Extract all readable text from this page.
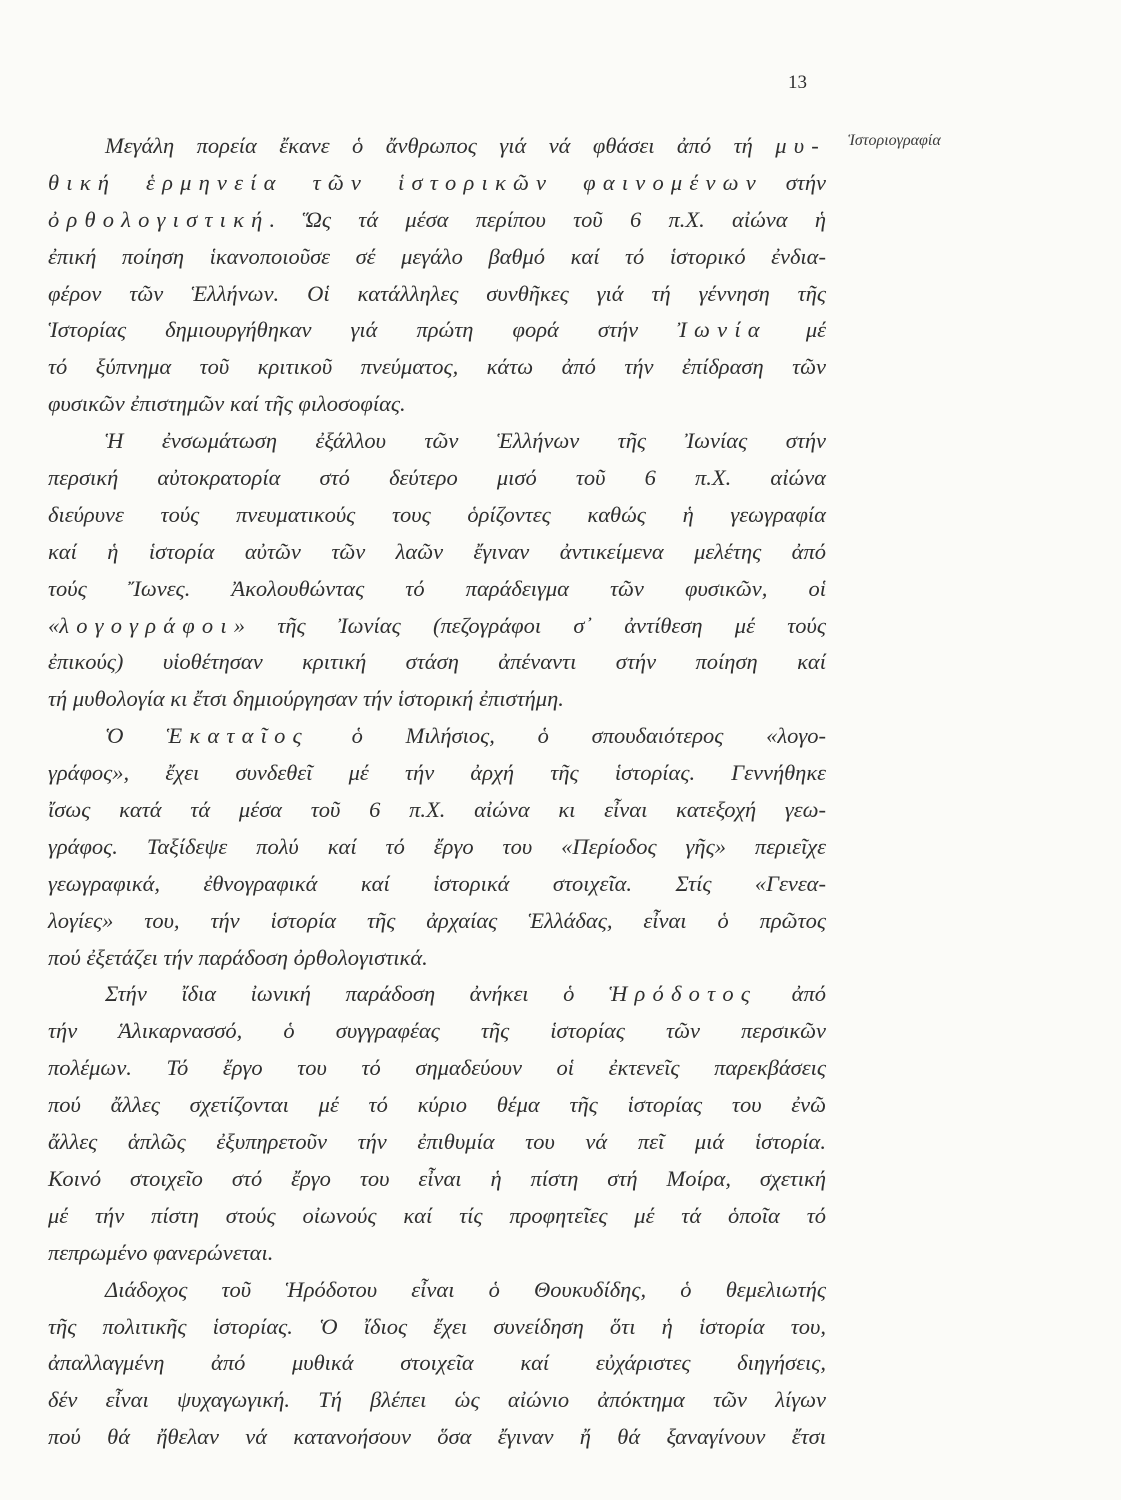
13
Ἱστοριογραφία
Μεγάλη πορεία ἔκανε ὁ ἄνθρωπος γιά νά φθάσει ἀπό τή μυ-
θική ἑρμηνεία τῶν ἱστορικῶν φαινομένων στήν
ὀρθολογιστική. Ὥς τά μέσα περίπου τοῦ 6 π.Χ. αἰώνα ἡ
ἐπική ποίηση ἱκανοποιοῦσε σέ μεγάλο βαθμό καί τό ἱστορικό ἐνδια-
φέρον τῶν Ἑλλήνων. Οἱ κατάλληλες συνθῆκες γιά τή γέννηση τῆς
Ἱστορίας δημιουργήθηκαν γιά πρώτη φορά στήν Ἰωνία μέ
τό ξύπνημα τοῦ κριτικοῦ πνεύματος, κάτω ἀπό τήν ἐπίδραση τῶν
φυσικῶν ἐπιστημῶν καί τῆς φιλοσοφίας.
Ἡ ἐνσωμάτωση ἐξάλλου τῶν Ἑλλήνων τῆς Ἰωνίας στήν
περσική αὐτοκρατορία στό δεύτερο μισό τοῦ 6 π.Χ. αἰώνα
διεύρυνε τούς πνευματικούς τους ὁρίζοντες καθώς ἡ γεωγραφία
καί ἡ ἱστορία αὐτῶν τῶν λαῶν ἔγιναν ἀντικείμενα μελέτης ἀπό
τούς Ἴωνες. Ἀκολουθώντας τό παράδειγμα τῶν φυσικῶν, οἱ
«λογογράφοι» τῆς Ἰωνίας (πεζογράφοι σ᾽ ἀντίθεση μέ τούς
ἐπικούς) υἱοθέτησαν κριτική στάση ἀπέναντι στήν ποίηση καί
τή μυθολογία κι ἔτσι δημιούργησαν τήν ἱστορική ἐπιστήμη.
Ὁ Ἑκαταῖος ὁ Μιλήσιος, ὁ σπουδαιότερος «λογο-
γράφος», ἔχει συνδεθεῖ μέ τήν ἀρχή τῆς ἱστορίας. Γεννήθηκε
ἴσως κατά τά μέσα τοῦ 6 π.Χ. αἰώνα κι εἶναι κατεξοχή γεω-
γράφος. Ταξίδεψε πολύ καί τό ἔργο του «Περίοδος γῆς» περιεῖχε
γεωγραφικά, ἐθνογραφικά καί ἱστορικά στοιχεῖα. Στίς «Γενεα-
λογίες» του, τήν ἱστορία τῆς ἀρχαίας Ἑλλάδας, εἶναι ὁ πρῶτος
πού ἐξετάζει τήν παράδοση ὀρθολογιστικά.
Στήν ἴδια ἰωνική παράδοση ἀνήκει ὁ Ἡρόδοτος ἀπό
τήν Ἁλικαρνασσό, ὁ συγγραφέας τῆς ἱστορίας τῶν περσικῶν
πολέμων. Τό ἔργο του τό σημαδεύουν οἱ ἐκτενεῖς παρεκβάσεις
πού ἄλλες σχετίζονται μέ τό κύριο θέμα τῆς ἱστορίας του ἐνῶ
ἄλλες ἁπλῶς ἐξυπηρετοῦν τήν ἐπιθυμία του νά πεῖ μιά ἱστορία.
Κοινό στοιχεῖο στό ἔργο του εἶναι ἡ πίστη στή Μοίρα, σχετική
μέ τήν πίστη στούς οἰωνούς καί τίς προφητεῖες μέ τά ὁποῖα τό
πεπρωμένο φανερώνεται.
Διάδοχος τοῦ Ἡρόδοτου εἶναι ὁ Θουκυδίδης, ὁ θεμελιωτής
τῆς πολιτικῆς ἱστορίας. Ὁ ἴδιος ἔχει συνείδηση ὅτι ἡ ἱστορία του,
ἀπαλλαγμένη ἀπό μυθικά στοιχεῖα καί εὐχάριστες διηγήσεις,
δέν εἶναι ψυχαγωγική. Τή βλέπει ὡς αἰώνιο ἀπόκτημα τῶν λίγων
πού θά ἤθελαν νά κατανοήσουν ὅσα ἔγιναν ἤ θά ξαναγίνουν ἔτσι
